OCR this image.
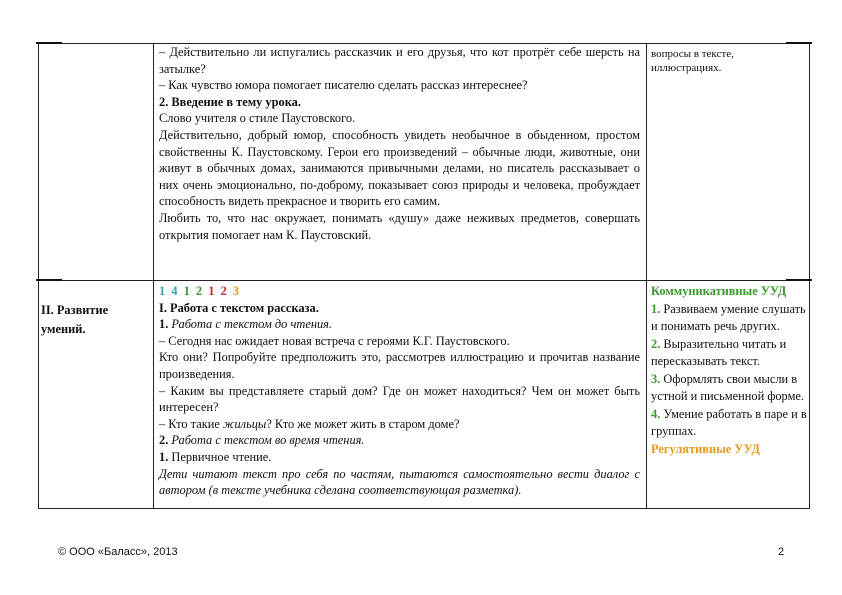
– Действительно ли испугались рассказчик и его друзья, что кот протрёт себе шерсть на затылке?

– Как чувство юмора помогает писателю сделать рассказ интереснее?

2. Введение в тему урока.

Слово учителя о стиле Паустовского.

Действительно, добрый юмор, способность увидеть необычное в обыденном, простом свойственны К. Паустовскому. Герои его произведений – обычные люди, животные, они живут в обычных домах, занимаются привычными делами, но писатель рассказывает о них очень эмоционально, по-доброму, показывает союз природы и человека, пробуждает способность видеть прекрасное и творить его самим.

Любить то, что нас окружает, понимать «душу» даже неживых предметов, совершать открытия помогает нам К. Паустовский.

вопросы в тексте, иллюстрациях.

II. Развитие

умений.

1 4 1 2 1 2 3

I. Работа с текстом рассказа.

1. Работа с текстом до чтения.

– Сегодня нас ожидает новая встреча с героями К.Г. Паустовского.

Кто они? Попробуйте предположить это, рассмотрев иллюстрацию и прочитав название произведения.

– Каким вы представляете старый дом? Где он может находиться? Чем он может быть интересен?

– Кто такие жильцы? Кто же может жить в старом доме?

2. Работа с текстом во время чтения.

1. Первичное чтение.

Дети читают текст про себя по частям, пытаются самостоятельно вести диалог с автором (в тексте учебника сделана соответствующая разметка).

Коммуникативные УУД

1. Развиваем умение слушать и понимать речь других.

2. Выразительно читать и пересказывать текст.

3. Оформлять свои мысли в устной и письменной форме.

4. Умение работать в паре и в группах.

Регулятивные УУД

© ООО «Баласс», 2013	2
